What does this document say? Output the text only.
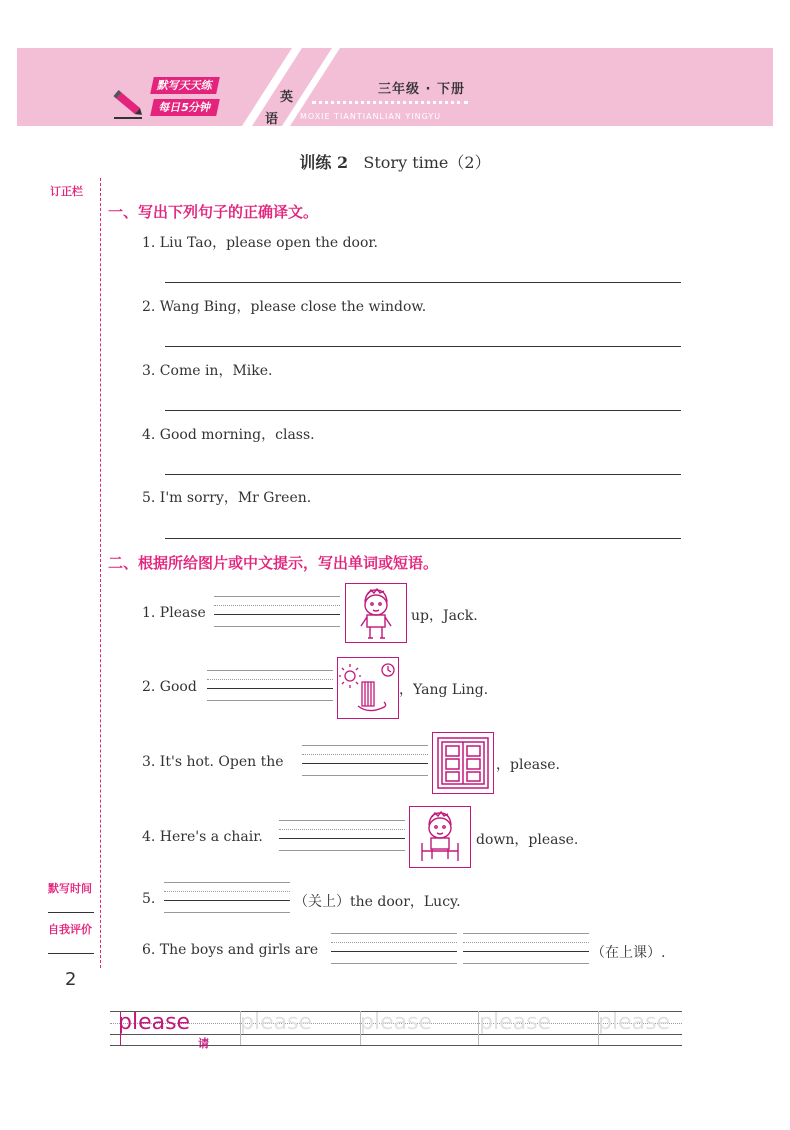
默写天天练
每日5分钟
英
语
三年级 · 下册
MOXIE TIANTIANLIAN YINGYU
训练 2 Story time（2）
订正栏
一、写出下列句子的正确译文。
1. Liu Tao，please open the door.
2. Wang Bing，please close the window.
3. Come in，Mike.
4. Good morning，class.
5. I'm sorry，Mr Green.
二、根据所给图片或中文提示，写出单词或短语。
1. Please	up，Jack.
2. Good	，Yang Ling.
3. It's hot. Open the	，please.
4. Here's a chair.	down，please.
默写时间
自我评价
5.	（关上）the door，Lucy.
6. The boys and girls are	（在上课）.
2
please please please please please
请
